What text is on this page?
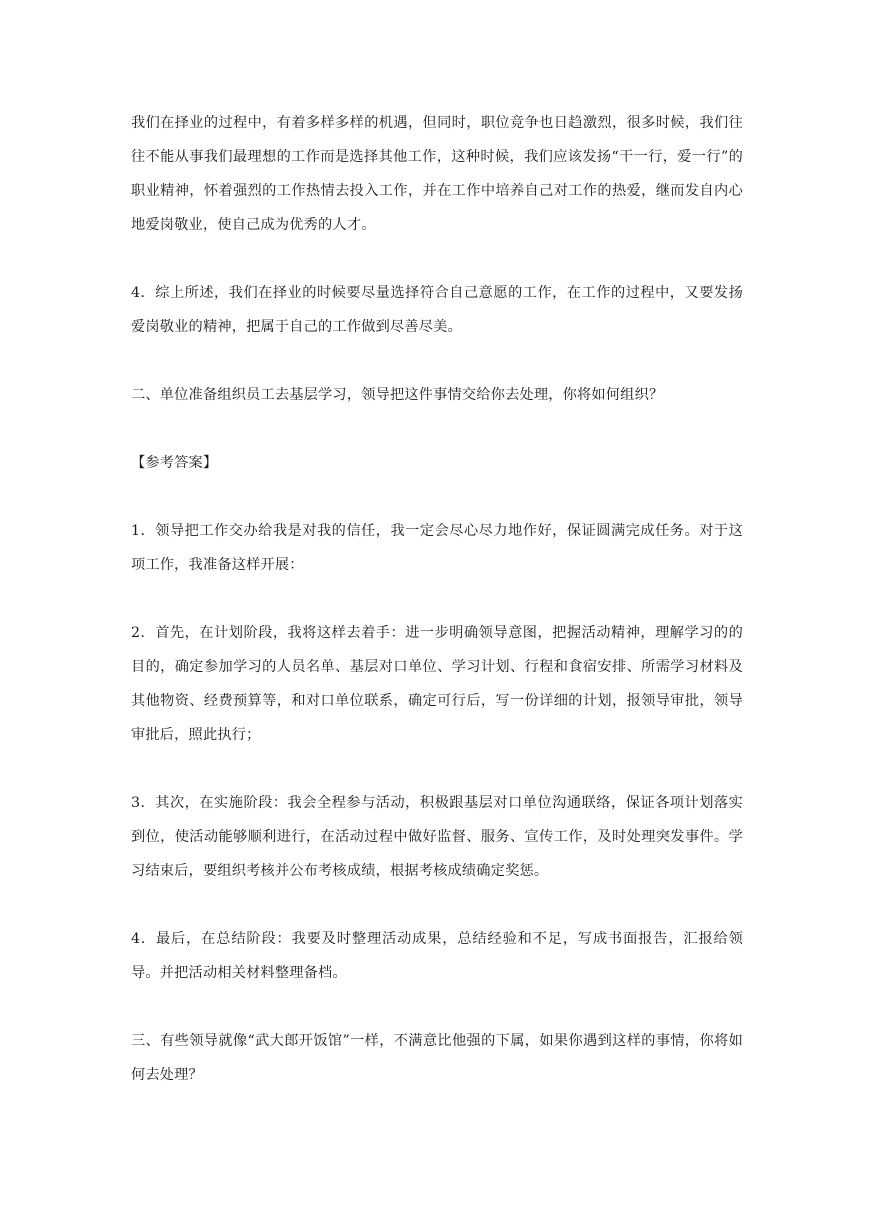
我们在择业的过程中，有着多样多样的机遇，但同时，职位竞争也日趋激烈，很多时候，我们往往不能从事我们最理想的工作而是选择其他工作，这种时候，我们应该发扬“干一行，爱一行”的职业精神，怀着强烈的工作热情去投入工作，并在工作中培养自己对工作的热爱，继而发自内心地爱岗敬业，使自己成为优秀的人才。

4．综上所述，我们在择业的时候要尽量选择符合自己意愿的工作，在工作的过程中，又要发扬爱岗敬业的精神，把属于自己的工作做到尽善尽美。

二、单位准备组织员工去基层学习，领导把这件事情交给你去处理，你将如何组织？

【参考答案】

1．领导把工作交办给我是对我的信任，我一定会尽心尽力地作好，保证圆满完成任务。对于这项工作，我准备这样开展：

2．首先，在计划阶段，我将这样去着手：进一步明确领导意图，把握活动精神，理解学习的的目的，确定参加学习的人员名单、基层对口单位、学习计划、行程和食宿安排、所需学习材料及其他物资、经费预算等，和对口单位联系，确定可行后，写一份详细的计划，报领导审批，领导审批后，照此执行；

3．其次，在实施阶段：我会全程参与活动，积极跟基层对口单位沟通联络，保证各项计划落实到位，使活动能够顺利进行，在活动过程中做好监督、服务、宣传工作，及时处理突发事件。学习结束后，要组织考核并公布考核成绩，根据考核成绩确定奖惩。

4．最后，在总结阶段：我要及时整理活动成果，总结经验和不足，写成书面报告，汇报给领导。并把活动相关材料整理备档。

三、有些领导就像“武大郎开饭馆”一样，不满意比他强的下属，如果你遇到这样的事情，你将如何去处理？
